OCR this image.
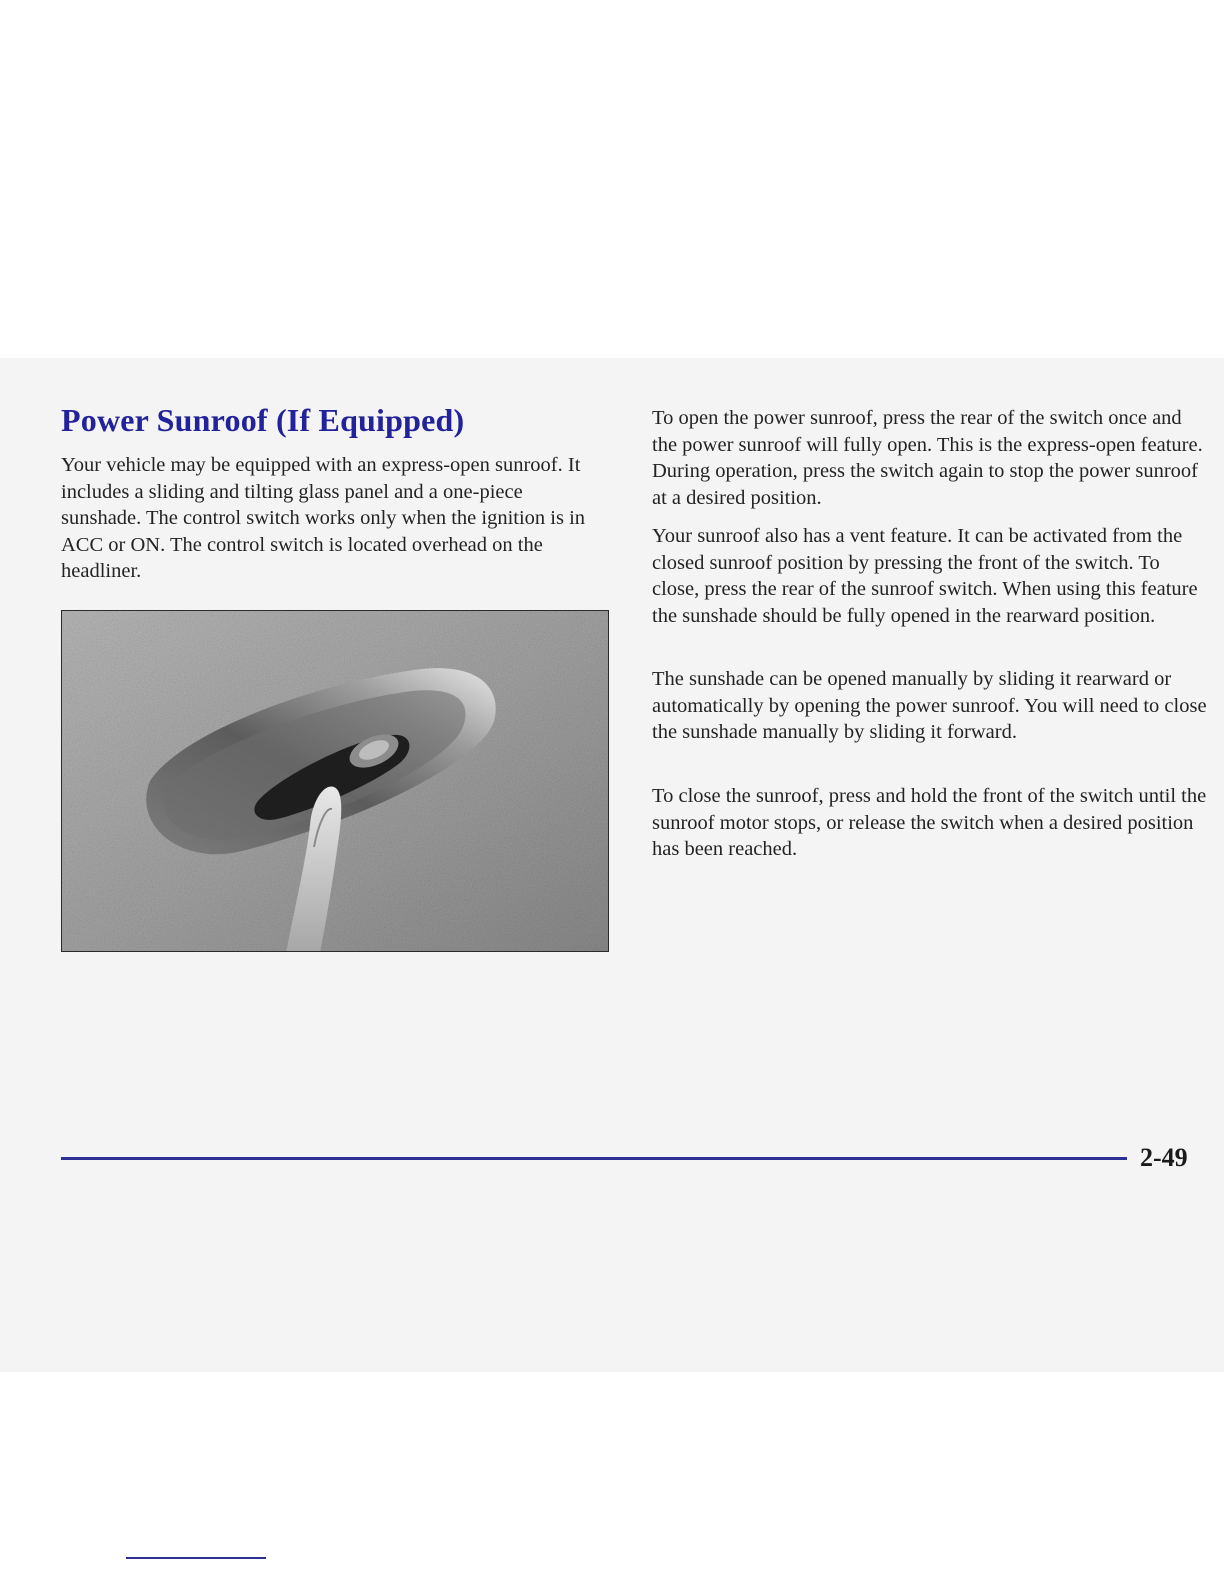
Power Sunroof (If Equipped)

Your vehicle may be equipped with an express-open sunroof. It includes a sliding and tilting glass panel and a one-piece sunshade. The control switch works only when the ignition is in ACC or ON. The control switch is located overhead on the headliner.

To open the power sunroof, press the rear of the switch once and the power sunroof will fully open. This is the express-open feature. During operation, press the switch again to stop the power sunroof at a desired position.

Your sunroof also has a vent feature. It can be activated from the closed sunroof position by pressing the front of the switch. To close, press the rear of the sunroof switch. When using this feature the sunshade should be fully opened in the rearward position.

The sunshade can be opened manually by sliding it rearward or automatically by opening the power sunroof. You will need to close the sunshade manually by sliding it forward.

To close the sunroof, press and hold the front of the switch until the sunroof motor stops, or release the switch when a desired position has been reached.

2-49
